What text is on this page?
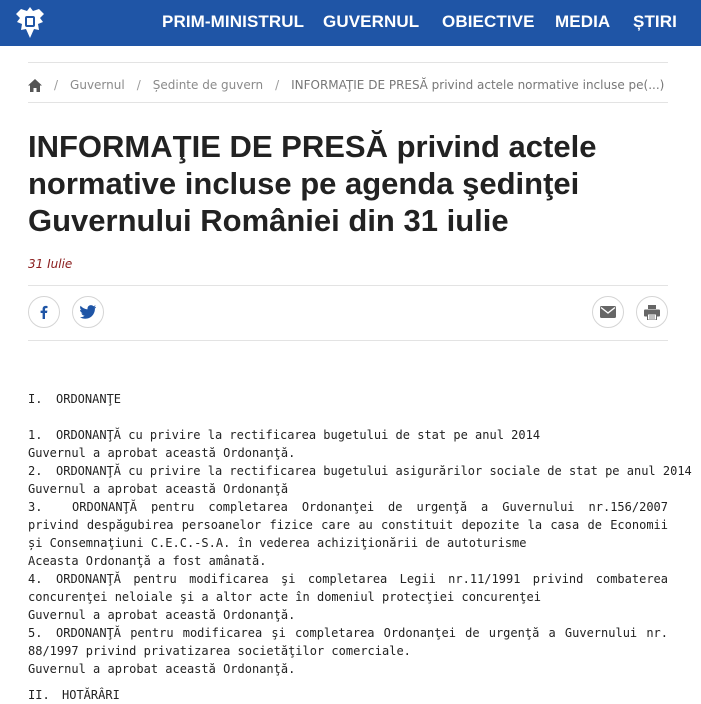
PRIM-MINISTRUL GUVERNUL OBIECTIVE MEDIA ȘTIRI
/ Guvernul / Ședinte de guvern / INFORMAŢIE DE PRESĂ privind actele normative incluse pe(...)
INFORMAŢIE DE PRESĂ privind actele normative incluse pe agenda şedinţei Guvernului României din 31 iulie
31 Iulie
I. ORDONANŢE
1. ORDONANŢĂ cu privire la rectificarea bugetului de stat pe anul 2014
Guvernul a aprobat această Ordonanţă.
2. ORDONANŢĂ cu privire la rectificarea bugetului asigurărilor sociale de stat pe anul 2014
Guvernul a aprobat această Ordonanţă
3. ORDONANŢĂ pentru completarea Ordonanţei de urgenţă a Guvernului nr.156/2007 privind despăgubirea persoanelor fizice care au constituit depozite la casa de Economii și Consemnaţiuni C.E.C.-S.A. în vederea achiziţionării de autoturisme
Aceasta Ordonanţă a fost amânată.
4. ORDONANŢĂ pentru modificarea şi completarea Legii nr.11/1991 privind combaterea concurenţei neloiale şi a altor acte în domeniul protecţiei concurenţei
Guvernul a aprobat această Ordonanţă.
5. ORDONANŢĂ pentru modificarea şi completarea Ordonanţei de urgenţă a Guvernului nr. 88/1997 privind privatizarea societăţilor comerciale.
Guvernul a aprobat această Ordonanţă.
II. HOTĂRÂRI
